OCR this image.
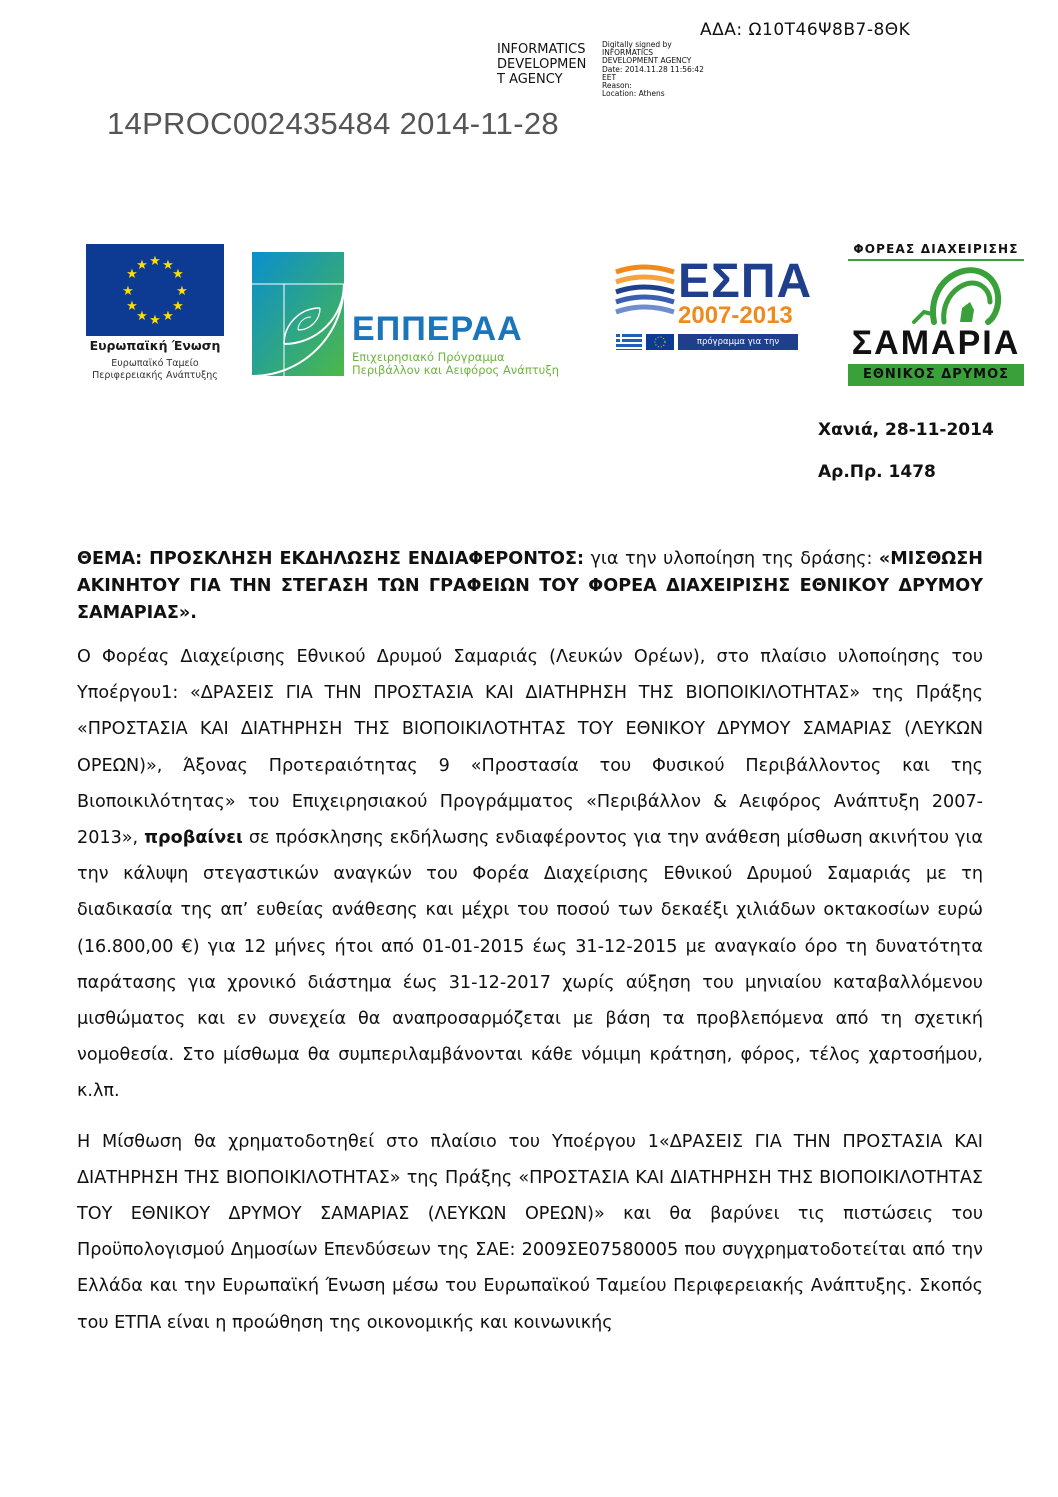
ΑΔΑ: Ω10Τ46Ψ8Β7-8ΘΚ
INFORMATICS
DEVELOPMEN
T AGENCY
Digitally signed by
INFORMATICS
DEVELOPMENT AGENCY
Date: 2014.11.28 11:56:42
EET
Reason:
Location: Athens
14PROC002435484 2014-11-28
★ ★
★
★
★
★
★
★
★
★
★
★
Ευρωπαϊκή Ένωση
Ευρωπαϊκό Ταμείο
Περιφερειακής Ανάπτυξης
ΕΠΠΕΡΑΑ
Επιχειρησιακό Πρόγραμμα
Περιβάλλον και Αειφόρος Ανάπτυξη
ΕΣΠΑ
2007-2013
πρόγραμμα για την ανάπτυξη
ΦΟΡΕΑΣ ΔΙΑΧΕΙΡΙΣΗΣ
ΣΑΜΑΡΙΑ
ΕΘΝΙΚΟΣ ΔΡΥΜΟΣ
Χανιά, 28-11-2014
Αρ.Πρ. 1478

ΘΕΜΑ: ΠΡΟΣΚΛΗΣΗ ΕΚΔΗΛΩΣΗΣ ΕΝΔΙΑΦΕΡΟΝΤΟΣ: για την υλοποίηση της δράσης: «ΜΙΣΘΩΣΗ ΑΚΙΝΗΤΟΥ ΓΙΑ ΤΗΝ ΣΤΕΓΑΣΗ ΤΩΝ ΓΡΑΦΕΙΩΝ ΤΟΥ ΦΟΡΕΑ ΔΙΑΧΕΙΡΙΣΗΣ ΕΘΝΙΚΟΥ ΔΡΥΜΟΥ ΣΑΜΑΡΙΑΣ».

Ο Φορέας Διαχείρισης Εθνικού Δρυμού Σαμαριάς (Λευκών Ορέων), στο πλαίσιο υλοποίησης του Υποέργου1: «ΔΡΑΣΕΙΣ ΓΙΑ ΤΗΝ ΠΡΟΣΤΑΣΙΑ ΚΑΙ ΔΙΑΤΗΡΗΣΗ ΤΗΣ ΒΙΟΠΟΙΚΙΛΟΤΗΤΑΣ» της Πράξης «ΠΡΟΣΤΑΣΙΑ ΚΑΙ ΔΙΑΤΗΡΗΣΗ ΤΗΣ ΒΙΟΠΟΙΚΙΛΟΤΗΤΑΣ ΤΟΥ ΕΘΝΙΚΟΥ ΔΡΥΜΟΥ ΣΑΜΑΡΙΑΣ (ΛΕΥΚΩΝ ΟΡΕΩΝ)», Άξονας Προτεραιότητας 9 «Προστασία του Φυσικού Περιβάλλοντος και της Βιοποικιλότητας» του Επιχειρησιακού Προγράμματος «Περιβάλλον & Αειφόρος Ανάπτυξη 2007-2013», προβαίνει σε πρόσκλησης εκδήλωσης ενδιαφέροντος για την ανάθεση μίσθωση ακινήτου για την κάλυψη στεγαστικών αναγκών του Φορέα Διαχείρισης Εθνικού Δρυμού Σαμαριάς με τη διαδικασία της απ’ ευθείας ανάθεσης και μέχρι του ποσού των δεκαέξι χιλιάδων οκτακοσίων ευρώ (16.800,00 €) για 12 μήνες ήτοι από 01-01-2015 έως 31-12-2015 με αναγκαίο όρο τη δυνατότητα παράτασης για χρονικό διάστημα έως 31-12-2017 χωρίς αύξηση του μηνιαίου καταβαλλόμενου μισθώματος και εν συνεχεία θα αναπροσαρμόζεται με βάση τα προβλεπόμενα από τη σχετική νομοθεσία. Στο μίσθωμα θα συμπεριλαμβάνονται κάθε νόμιμη κράτηση, φόρος, τέλος χαρτοσήμου, κ.λπ.

Η Μίσθωση θα χρηματοδοτηθεί στο πλαίσιο του Υποέργου 1«ΔΡΑΣΕΙΣ ΓΙΑ ΤΗΝ ΠΡΟΣΤΑΣΙΑ ΚΑΙ ΔΙΑΤΗΡΗΣΗ ΤΗΣ ΒΙΟΠΟΙΚΙΛΟΤΗΤΑΣ» της Πράξης «ΠΡΟΣΤΑΣΙΑ ΚΑΙ ΔΙΑΤΗΡΗΣΗ ΤΗΣ ΒΙΟΠΟΙΚΙΛΟΤΗΤΑΣ ΤΟΥ ΕΘΝΙΚΟΥ ΔΡΥΜΟΥ ΣΑΜΑΡΙΑΣ (ΛΕΥΚΩΝ ΟΡΕΩΝ)» και θα βαρύνει τις πιστώσεις του Προϋπολογισμού Δημοσίων Επενδύσεων της ΣΑΕ: 2009ΣΕ07580005 που συγχρηματοδοτείται από την Ελλάδα και την Ευρωπαϊκή Ένωση μέσω του Ευρωπαϊκού Ταμείου Περιφερειακής Ανάπτυξης. Σκοπός του ΕΤΠΑ είναι η προώθηση της οικονομικής και κοινωνικής
